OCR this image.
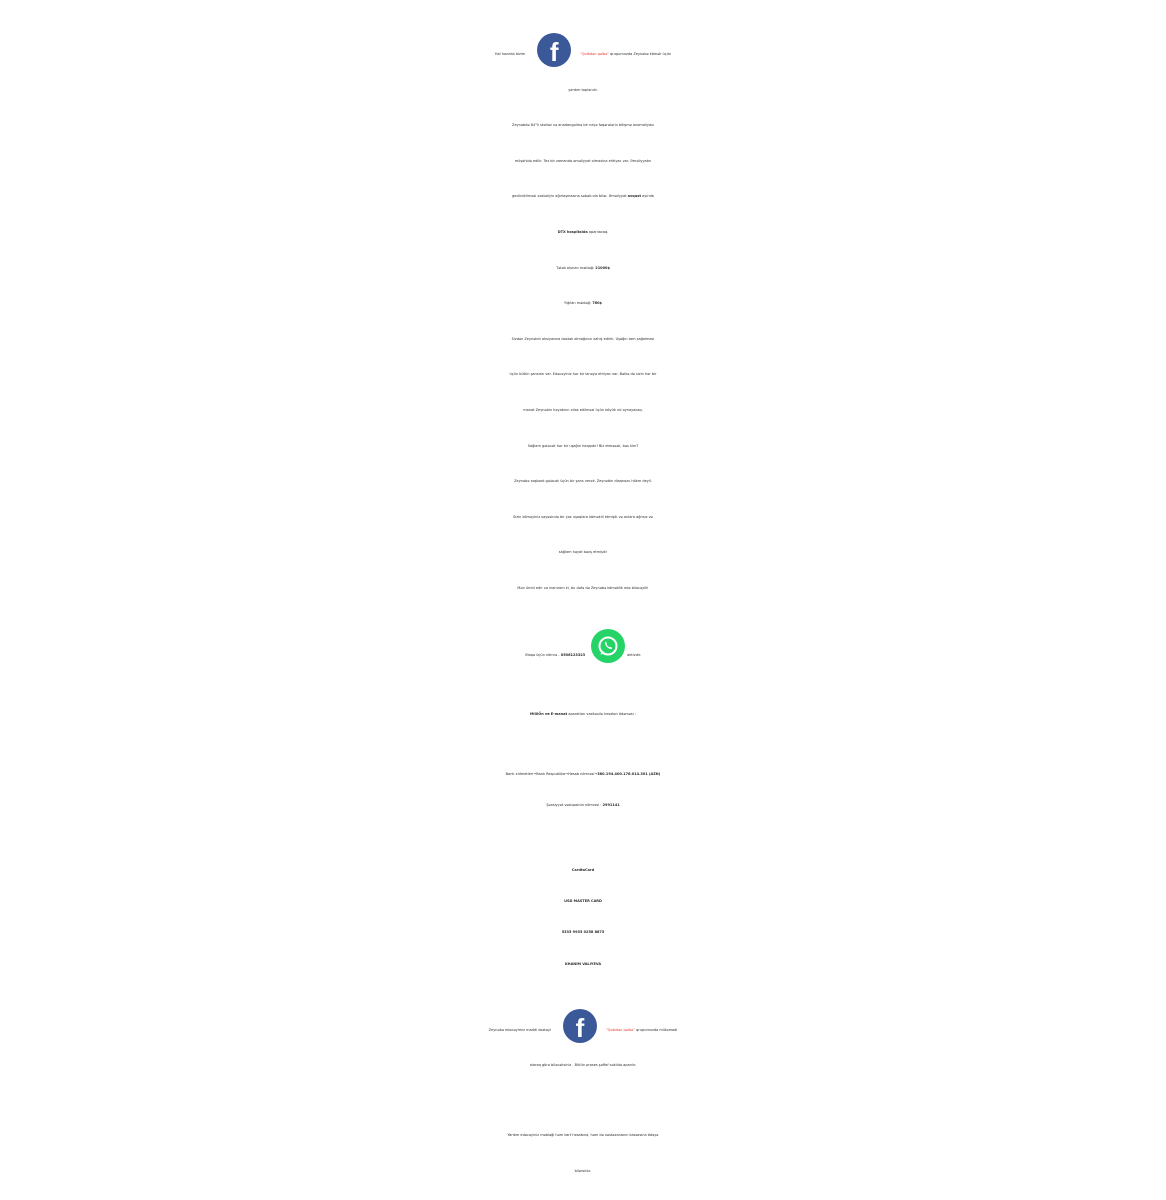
Hal hazırda bizim f	"Qəlbdən qəlbə" qrupumuzda Zeynəbə kömək üçün
yardım toplanılır.
Zeynəbdə 64°li skolioz və anadangəlmə bir neçə fəqərələrin bitişmə anomaliyası
müşahidə edilir. Tez bir zamanda əməliyyat olmasina ehtiyac var. Əməliyyatın
gecikdirilməsi xəstəliyin ağırlaşmasına səbəb ola bilər. Əməliyyat avqust ayında
DTX hospitalda aparılacaq.
Tələb olunan məbləğ: 21000$
Yığılan məbləğ: 760$
Sizdən Zeynəbin aksiyasına dəstək olmağınızı xahiş edirik. Uşağın tam sağalması
üçün bütün şansları var. Edəcəyiniz hər bir ianəyə ehtiyac var. Bəlkə də sizin hər bir
manat Zeynəbin həyatının xilas edilməsi üçün böyük rol oynayacaq.
Sağlam gələcək hər bir uşağın haqqıdır! Biz etməsək, bəs kim?
Zeynəbə xoşbəxt gələcək üçün bir şans verək. Zeynəbin diaqnozu hökm deyil.
Sizin köməyiniz sayəsində bir çox uşaqlara köməklil etmişik və onlara ağrısız və
sağlam həyat bəxş etmişik!
Mən ümid edir və inanıram ki, bu dəfə də Zeynəbə köməklik edə biləcəyik!
Əlaqə üçün nömrə - 0506123323	aktivdir.
MilliÖn və E-manat aparatları vasitəsilə hesabın ödəməsi :
Bank xidmetleri➞Bank Respublika➞Hesab nömrəsi➞380.194.400.176.014.301 (AZN)
Şəxsiyyət vəsiqəsinin nömrəsi : 2991141
CardtoCard
USD MASTER CARD
5335 9935 0258 8875
KHANIM VALIYEVA
Zeynəbə edəcəyimiz maddi dəstəyi f	“Qəlbdən qəlbə” qrupumuzda mütəmadi
olaraq görə biləcəksiniz . Bütün proses şəffaf səkildə aparılır.
Yardım edəcəyiniz məbləği həm kart hesabına, həm də xəstəxananın kassasına ödəyə
bilərsiniz.
